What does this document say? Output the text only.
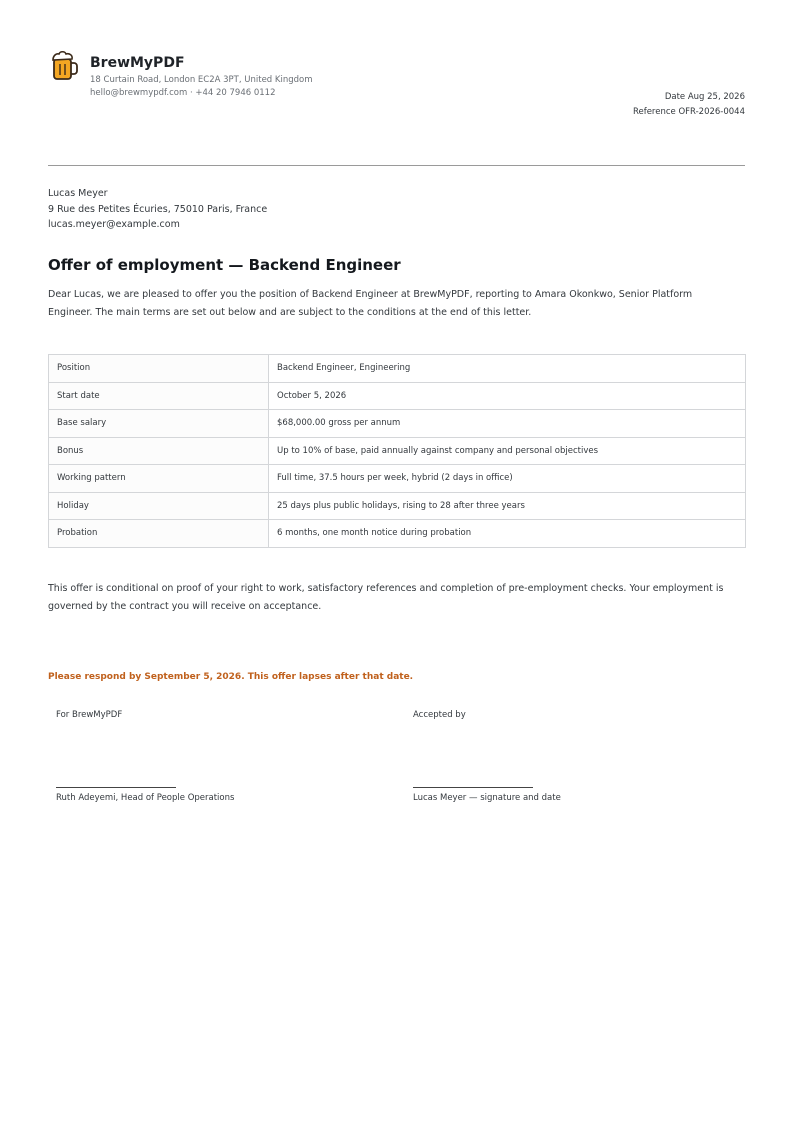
BrewMyPDF
18 Curtain Road, London EC2A 3PT, United Kingdom
hello@brewmypdf.com · +44 20 7946 0112	Date Aug 25, 2026
Reference OFR-2026-0044
Lucas Meyer
9 Rue des Petites Écuries, 75010 Paris, France
lucas.meyer@example.com
Offer of employment — Backend Engineer
Dear Lucas, we are pleased to offer you the position of Backend Engineer at BrewMyPDF, reporting to Amara Okonkwo, Senior Platform Engineer. The main terms are set out below and are subject to the conditions at the end of this letter.
Position	Backend Engineer, Engineering
Start date	October 5, 2026
Base salary	$68,000.00 gross per annum
Bonus	Up to 10% of base, paid annually against company and personal objectives
Working pattern	Full time, 37.5 hours per week, hybrid (2 days in office)
Holiday	25 days plus public holidays, rising to 28 after three years
Probation	6 months, one month notice during probation
This offer is conditional on proof of your right to work, satisfactory references and completion of pre-employment checks. Your employment is governed by the contract you will receive on acceptance.
Please respond by September 5, 2026. This offer lapses after that date.
For BrewMyPDF
Ruth Adeyemi, Head of People Operations
Accepted by
Lucas Meyer — signature and date
